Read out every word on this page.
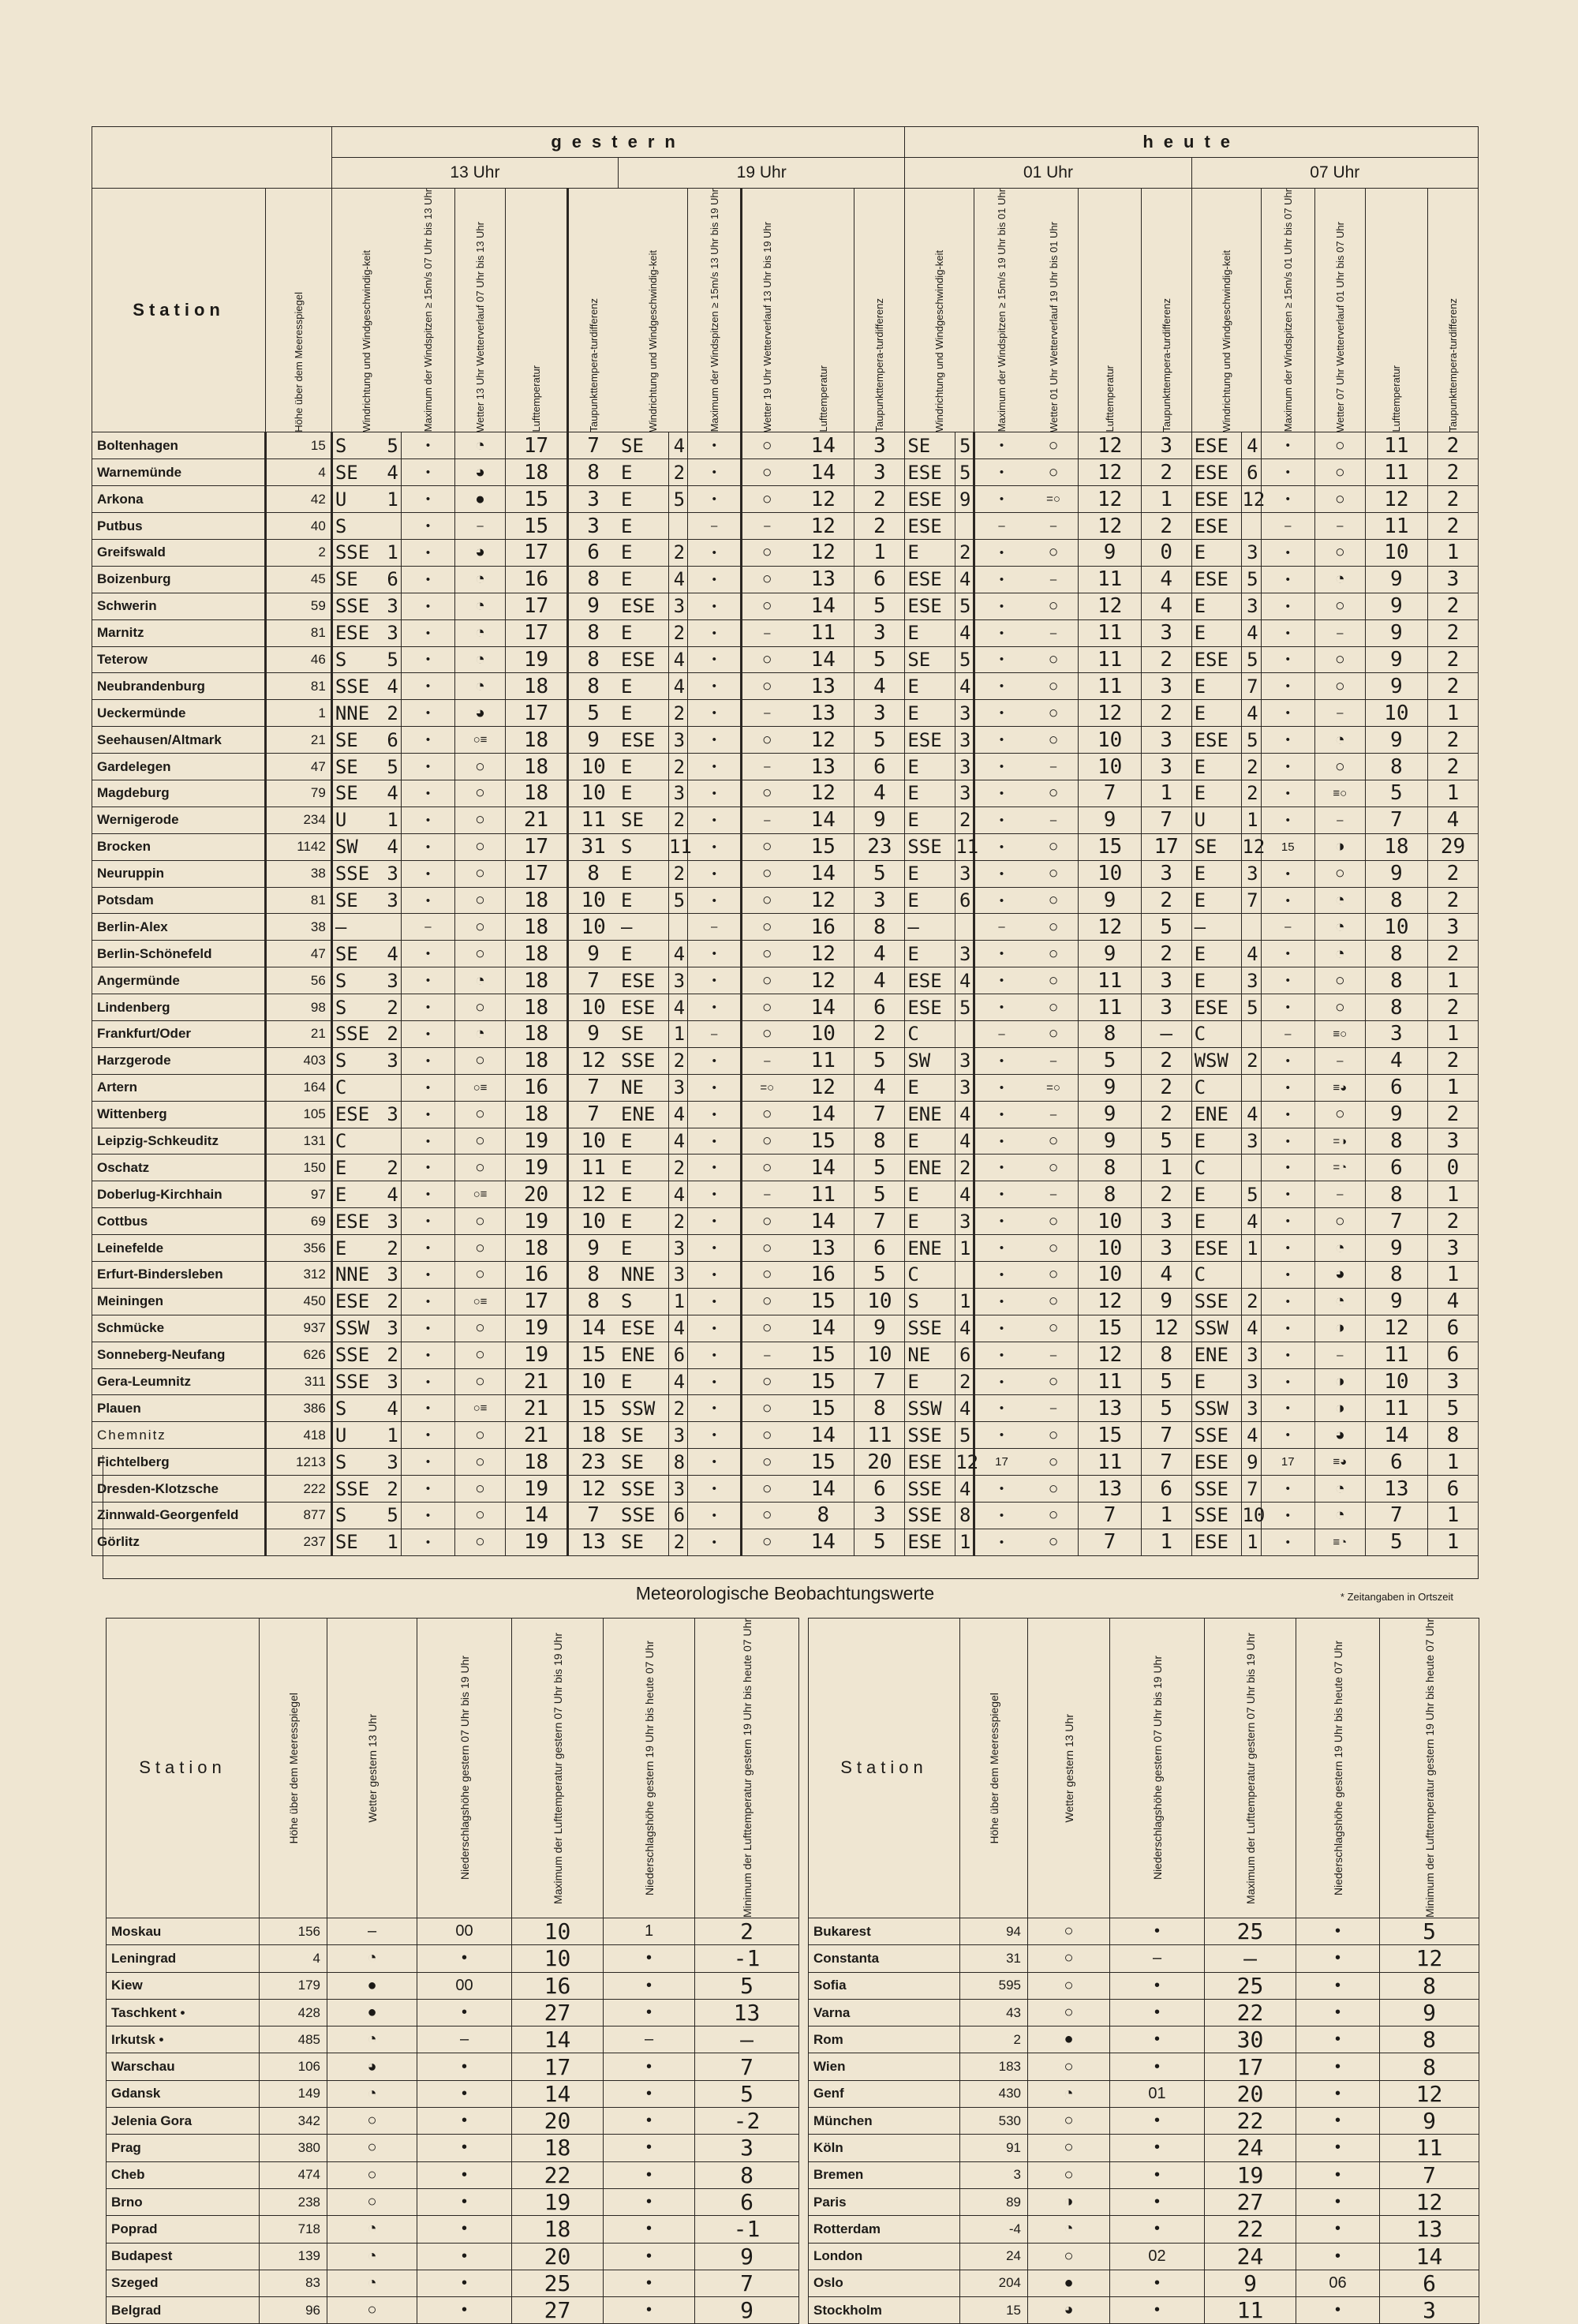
		gestern												heute											
		13 Uhr						19 Uhr						01 Uhr						07 Uhr					
Station	Höhe über dem Meeresspiegel	Windrichtung und Windgeschwindig-keit		Maximum der Windspitzen ≥ 15m/s 07 Uhr bis 13 Uhr	Wetter 13 Uhr Wetterverlauf 07 Uhr bis 13 Uhr	Lufttemperatur	Taupunkttempera-turdifferenz	Windrichtung und Windgeschwindig-keit		Maximum der Windspitzen ≥ 15m/s 13 Uhr bis 19 Uhr	Wetter 19 Uhr Wetterverlauf 13 Uhr bis 19 Uhr	Lufttemperatur	Taupunkttempera-turdifferenz	Windrichtung und Windgeschwindig-keit		Maximum der Windspitzen ≥ 15m/s 19 Uhr bis 01 Uhr	Wetter 01 Uhr Wetterverlauf 19 Uhr bis 01 Uhr	Lufttemperatur	Taupunkttempera-turdifferenz	Windrichtung und Windgeschwindig-keit		Maximum der Windspitzen ≥ 15m/s 01 Uhr bis 07 Uhr	Wetter 07 Uhr Wetterverlauf 01 Uhr bis 07 Uhr	Lufttemperatur	Taupunkttempera-turdifferenz

Boltenhagen	15	S	5	•	◔	17	7	SE	4	•	○	14	3	SE	5	•	○	12	3	ESE	4	•	○	11	2
Warnemünde	4	SE	4	•	◕	18	8	E	2	•	○	14	3	ESE	5	•	○	12	2	ESE	6	•	○	11	2
Arkona	42	U	1	•	●	15	3	E	5	•	○	12	2	ESE	9	•	=○	12	1	ESE	12	•	○	12	2
Putbus	40	S		•	–	15	3	E		–	–	12	2	ESE		–	–	12	2	ESE		–	–	11	2
Greifswald	2	SSE	1	•	◕	17	6	E	2	•	○	12	1	E	2	•	○	9	0	E	3	•	○	10	1
Boizenburg	45	SE	6	•	◔	16	8	E	4	•	○	13	6	ESE	4	•	–	11	4	ESE	5	•	◔	9	3
Schwerin	59	SSE	3	•	◔	17	9	ESE	3	•	○	14	5	ESE	5	•	○	12	4	E	3	•	○	9	2
Marnitz	81	ESE	3	•	◔	17	8	E	2	•	–	11	3	E	4	•	–	11	3	E	4	•	–	9	2
Teterow	46	S	5	•	◔	19	8	ESE	4	•	○	14	5	SE	5	•	○	11	2	ESE	5	•	○	9	2
Neubrandenburg	81	SSE	4	•	◔	18	8	E	4	•	○	13	4	E	4	•	○	11	3	E	7	•	○	9	2
Ueckermünde	1	NNE	2	•	◕	17	5	E	2	•	–	13	3	E	3	•	○	12	2	E	4	•	–	10	1
Seehausen/Altmark	21	SE	6	•	○≡	18	9	ESE	3	•	○	12	5	ESE	3	•	○	10	3	ESE	5	•	◔	9	2
Gardelegen	47	SE	5	•	○	18	10	E	2	•	–	13	6	E	3	•	–	10	3	E	2	•	○	8	2
Magdeburg	79	SE	4	•	○	18	10	E	3	•	○	12	4	E	3	•	○	7	1	E	2	•	≡○	5	1
Wernigerode	234	U	1	•	○	21	11	SE	2	•	–	14	9	E	2	•	–	9	7	U	1	•	–	7	4
Brocken	1142	SW	4	•	○	17	31	S	11	•	○	15	23	SSE	11	•	○	15	17	SE	12	15	◑	18	29
Neuruppin	38	SSE	3	•	○	17	8	E	2	•	○	14	5	E	3	•	○	10	3	E	3	•	○	9	2
Potsdam	81	SE	3	•	○	18	10	E	5	•	○	12	3	E	6	•	○	9	2	E	7	•	◔	8	2
Berlin-Alex	38	–		–	○	18	10	–		–	○	16	8	–		–	○	12	5	–		–	◔	10	3
Berlin-Schönefeld	47	SE	4	•	○	18	9	E	4	•	○	12	4	E	3	•	○	9	2	E	4	•	◔	8	2
Angermünde	56	S	3	•	◔	18	7	ESE	3	•	○	12	4	ESE	4	•	○	11	3	E	3	•	○	8	1
Lindenberg	98	S	2	•	○	18	10	ESE	4	•	○	14	6	ESE	5	•	○	11	3	ESE	5	•	○	8	2
Frankfurt/Oder	21	SSE	2	•	◔	18	9	SE	1	–	○	10	2	C		–	○	8	–	C		–	≡○	3	1
Harzgerode	403	S	3	•	○	18	12	SSE	2	•	–	11	5	SW	3	•	–	5	2	WSW	2	•	–	4	2
Artern	164	C		•	○≡	16	7	NE	3	•	=○	12	4	E	3	•	=○	9	2	C		•	≡◕	6	1
Wittenberg	105	ESE	3	•	○	18	7	ENE	4	•	○	14	7	ENE	4	•	–	9	2	ENE	4	•	○	9	2
Leipzig-Schkeuditz	131	C		•	○	19	10	E	4	•	○	15	8	E	4	•	○	9	5	E	3	•	=◑	8	3
Oschatz	150	E	2	•	○	19	11	E	2	•	○	14	5	ENE	2	•	○	8	1	C		•	=◔	6	0
Doberlug-Kirchhain	97	E	4	•	○≡	20	12	E	4	•	–	11	5	E	4	•	–	8	2	E	5	•	–	8	1
Cottbus	69	ESE	3	•	○	19	10	E	2	•	○	14	7	E	3	•	○	10	3	E	4	•	○	7	2
Leinefelde	356	E	2	•	○	18	9	E	3	•	○	13	6	ENE	1	•	○	10	3	ESE	1	•	◔	9	3
Erfurt-Bindersleben	312	NNE	3	•	○	16	8	NNE	3	•	○	16	5	C		•	○	10	4	C		•	◕	8	1
Meiningen	450	ESE	2	•	○≡	17	8	S	1	•	○	15	10	S	1	•	○	12	9	SSE	2	•	◔	9	4
Schmücke	937	SSW	3	•	○	19	14	ESE	4	•	○	14	9	SSE	4	•	○	15	12	SSW	4	•	◑	12	6
Sonneberg-Neufang	626	SSE	2	•	○	19	15	ENE	6	•	–	15	10	NE	6	•	–	12	8	ENE	3	•	–	11	6
Gera-Leumnitz	311	SSE	3	•	○	21	10	E	4	•	○	15	7	E	2	•	○	11	5	E	3	•	◑	10	3
Plauen	386	S	4	•	○≡	21	15	SSW	2	•	○	15	8	SSW	4	•	–	13	5	SSW	3	•	◑	11	5
Chemnitz	418	U	1	•	○	21	18	SE	3	•	○	14	11	SSE	5	•	○	15	7	SSE	4	•	◕	14	8
Fichtelberg	1213	S	3	•	○	18	23	SE	8	•	○	15	20	ESE	12	17	○	11	7	ESE	9	17	≡◕	6	1
Dresden-Klotzsche	222	SSE	2	•	○	19	12	SSE	3	•	○	14	6	SSE	4	•	○	13	6	SSE	7	•	◔	13	6
Zinnwald-Georgenfeld	877	S	5	•	○	14	7	SSE	6	•	○	8	3	SSE	8	•	○	7	1	SSE	10	•	◔	7	1
Görlitz	237	SE	1	•	○	19	13	SE	2	•	○	14	5	ESE	1	•	○	7	1	ESE	1	•	≡◔	5	1
Meteorologische Beobachtungswerte	* Zeitangaben in Ortszeit
Station	Höhe über dem Meeresspiegel	Wetter gestern 13 Uhr	Niederschlagshöhe gestern 07 Uhr bis 19 Uhr	Maximum der Lufttemperatur gestern 07 Uhr bis 19 Uhr	Niederschlagshöhe gestern 19 Uhr bis heute 07 Uhr	Minimum der Lufttemperatur gestern 19 Uhr bis heute 07 Uhr

Moskau	156	–	00	10	1	2
Leningrad	4	◔	•	10	•	-1
Kiew	179	●	00	16	•	5
Taschkent •	428	●	•	27	•	13
Irkutsk •	485	◔	–	14	–	–
Warschau	106	◕	•	17	•	7
Gdansk	149	◔	•	14	•	5
Jelenia Gora	342	○	•	20	•	-2
Prag	380	○	•	18	•	3
Cheb	474	○	•	22	•	8
Brno	238	○	•	19	•	6
Poprad	718	◔	•	18	•	-1
Budapest	139	◔	•	20	•	9
Szeged	83	◔	•	25	•	7
Belgrad	96	○	•	27	•	9
Station	Höhe über dem Meeresspiegel	Wetter gestern 13 Uhr	Niederschlagshöhe gestern 07 Uhr bis 19 Uhr	Maximum der Lufttemperatur gestern 07 Uhr bis 19 Uhr	Niederschlagshöhe gestern 19 Uhr bis heute 07 Uhr	Minimum der Lufttemperatur gestern 19 Uhr bis heute 07 Uhr

Bukarest	94	○	•	25	•	5
Constanta	31	○	–	–	•	12
Sofia	595	○	•	25	•	8
Varna	43	○	•	22	•	9
Rom	2	●	•	30	•	8
Wien	183	○	•	17	•	8
Genf	430	◔	01	20	•	12
München	530	○	•	22	•	9
Köln	91	○	•	24	•	11
Bremen	3	○	•	19	•	7
Paris	89	◑	•	27	•	12
Rotterdam	-4	◔	•	22	•	13
London	24	○	02	24	•	14
Oslo	204	●	•	9	06	6
Stockholm	15	◕	•	11	•	3
